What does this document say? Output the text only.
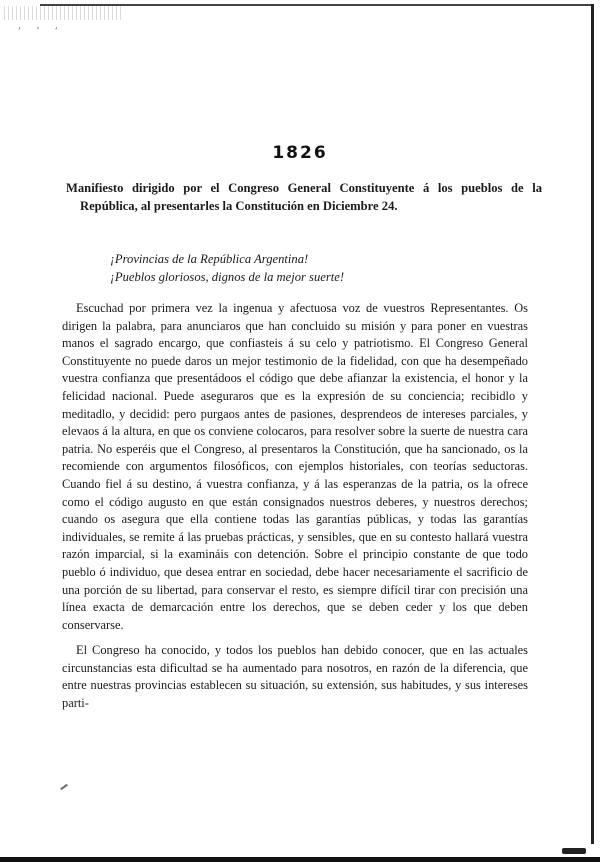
‘ ’ ‘
1826

Manifiesto dirigido por el Congreso General Constituyente á los pueblos de la República, al presentarles la Constitución en Diciembre 24.

¡Provincias de la República Argentina!
¡Pueblos gloriosos, dignos de la mejor suerte!

Escuchad por primera vez la ingenua y afectuosa voz de vuestros Representantes. Os dirigen la palabra, para anunciaros que han concluido su misión y para poner en vuestras manos el sagrado encargo, que confiasteis á su celo y patriotismo. El Congreso General Constituyente no puede daros un mejor testimonio de la fidelidad, con que ha desempeñado vuestra confianza que presentádoos el código que debe afianzar la existencia, el honor y la felicidad nacional. Puede aseguraros que es la expresión de su conciencia; recibidlo y meditadlo, y decidid: pero purgaos antes de pasiones, desprendeos de intereses parciales, y elevaos á la altura, en que os conviene colocaros, para resolver sobre la suerte de nuestra cara patria. No esperéis que el Congreso, al presentaros la Constitución, que ha sancionado, os la recomiende con argumentos filosóficos, con ejemplos historiales, con teorías seductoras. Cuando fiel á su destino, á vuestra confianza, y á las esperanzas de la patria, os la ofrece como el código augusto en que están consignados nuestros deberes, y nuestros derechos; cuando os asegura que ella contiene todas las garantías públicas, y todas las garantías individuales, se remite á las pruebas prácticas, y sensibles, que en su contesto hallará vuestra razón imparcial, si la examináis con detención. Sobre el principio constante de que todo pueblo ó individuo, que desea entrar en sociedad, debe hacer necesariamente el sacrificio de una porción de su libertad, para conservar el resto, es siempre difícil tirar con precisión una línea exacta de demarcación entre los derechos, que se deben ceder y los que deben conservarse.

El Congreso ha conocido, y todos los pueblos han debido conocer, que en las actuales circunstancias esta dificultad se ha aumentado para nosotros, en razón de la diferencia, que entre nuestras provincias establecen su situación, su extensión, sus habitudes, y sus intereses parti-
